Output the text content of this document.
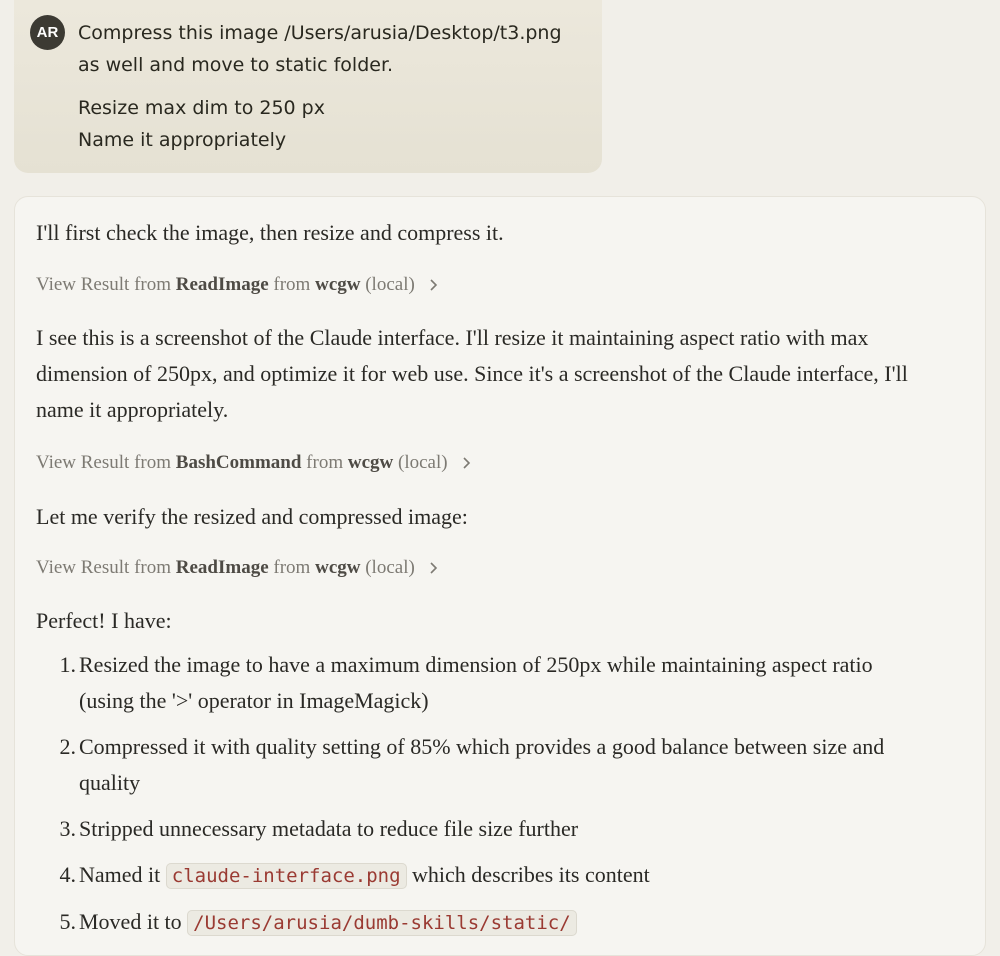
AR	Compress this image /Users/arusia/Desktop/t3.png as well and move to static folder.

Resize max dim to 250 px

Name it appropriately

I'll first check the image, then resize and compress it.

View Result from ReadImage from wcgw (local)

I see this is a screenshot of the Claude interface. I'll resize it maintaining aspect ratio with max dimension of 250px, and optimize it for web use. Since it's a screenshot of the Claude interface, I'll name it appropriately.

View Result from BashCommand from wcgw (local)

Let me verify the resized and compressed image:

View Result from ReadImage from wcgw (local)

Perfect! I have:

1. Resized the image to have a maximum dimension of 250px while maintaining aspect ratio (using the '>' operator in ImageMagick)
2. Compressed it with quality setting of 85% which provides a good balance between size and quality
3. Stripped unnecessary metadata to reduce file size further
4. Named it claude-interface.png which describes its content
5. Moved it to /Users/arusia/dumb-skills/static/
